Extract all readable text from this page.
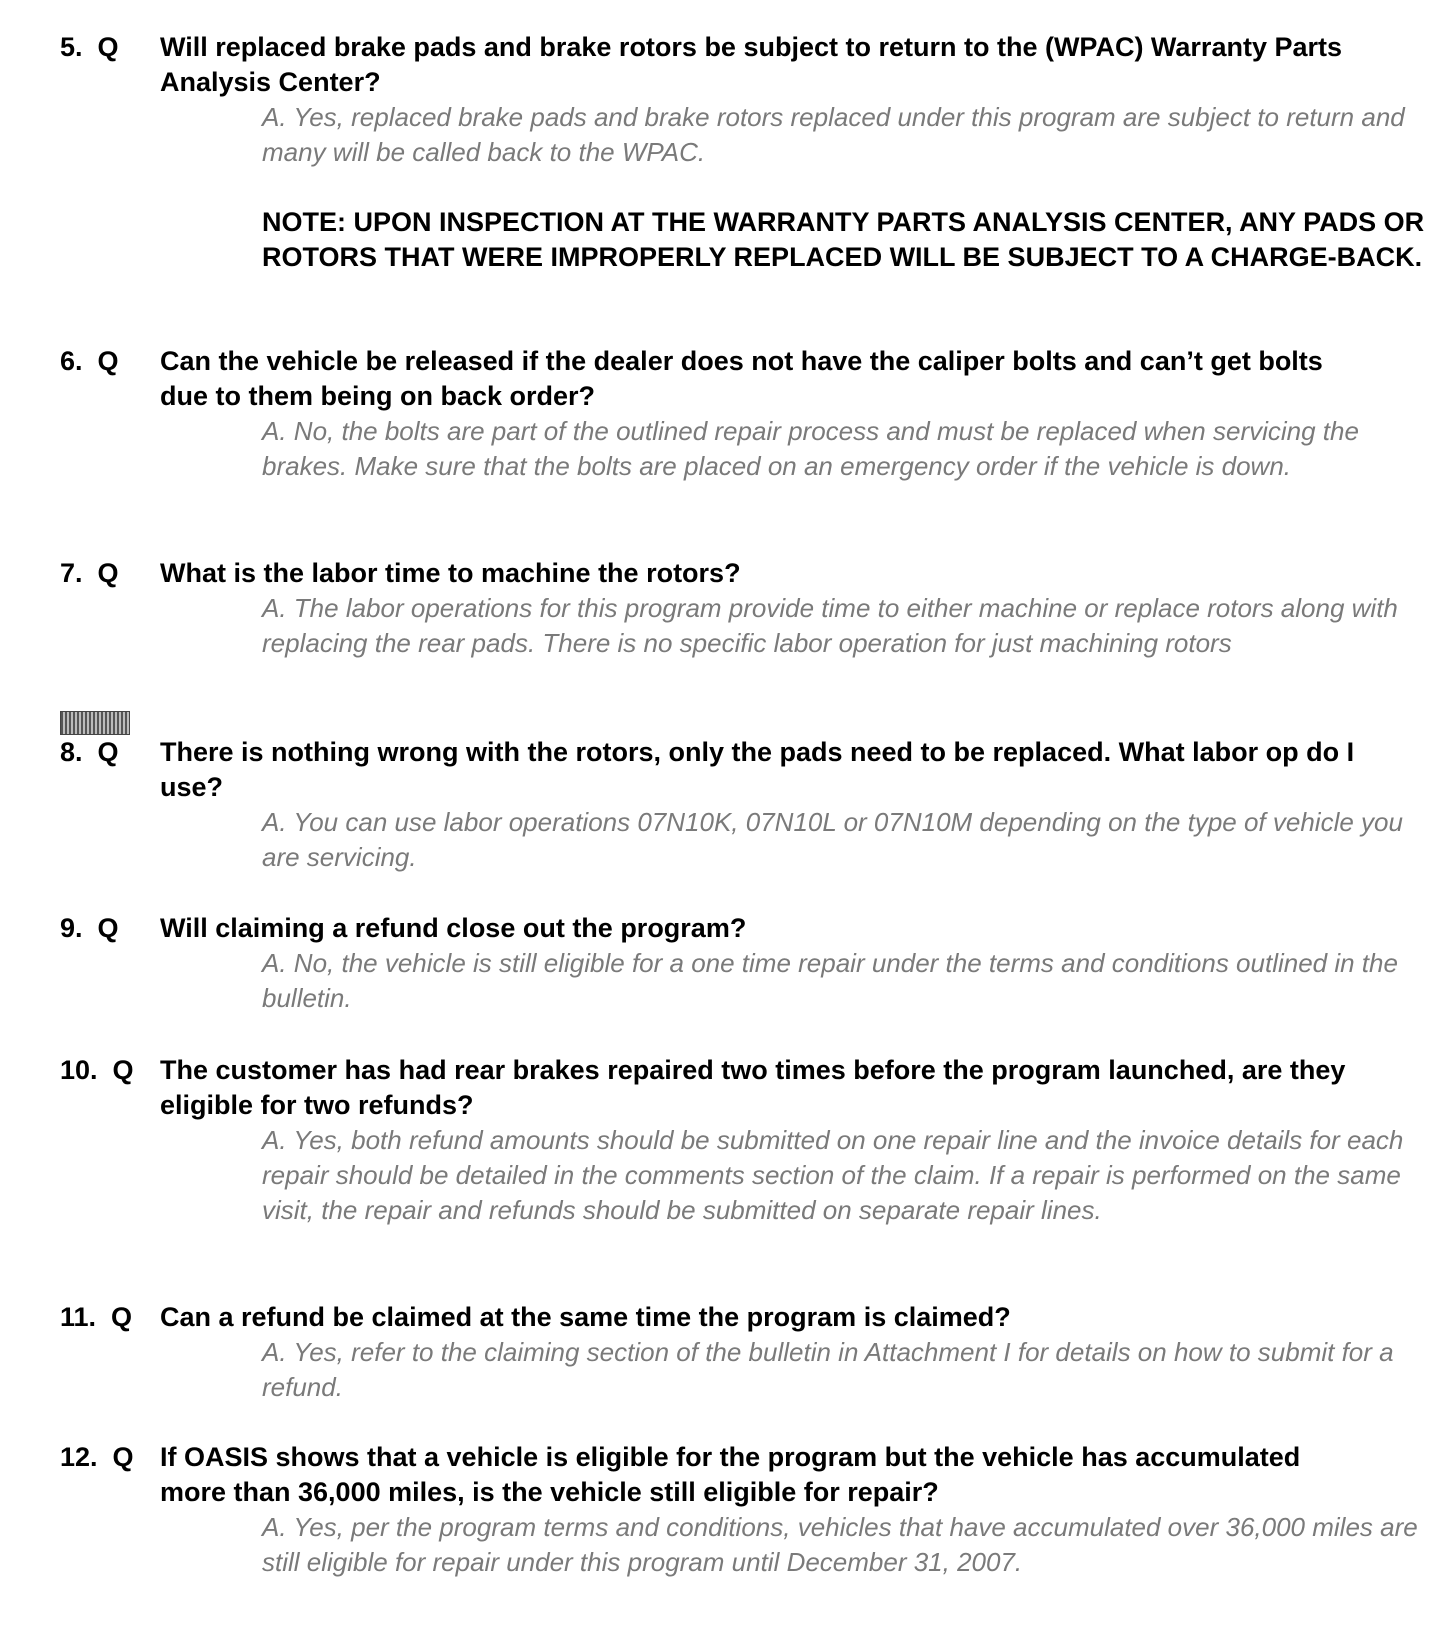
5.  Q	Will replaced brake pads and brake rotors be subject to return to the (WPAC) Warranty Parts Analysis Center?
A. Yes, replaced brake pads and brake rotors replaced under this program are subject to return and many will be called back to the WPAC.
NOTE: UPON INSPECTION AT THE WARRANTY PARTS ANALYSIS CENTER, ANY PADS OR ROTORS THAT WERE IMPROPERLY REPLACED WILL BE SUBJECT TO A CHARGE-BACK.
6.  Q	Can the vehicle be released if the dealer does not have the caliper bolts and can’t get bolts due to them being on back order?
A. No, the bolts are part of the outlined repair process and must be replaced when servicing the brakes. Make sure that the bolts are placed on an emergency order if the vehicle is down.
7.  Q	What is the labor time to machine the rotors?
A. The labor operations for this program provide time to either machine or replace rotors along with replacing the rear pads. There is no specific labor operation for just machining rotors
8.  Q	There is nothing wrong with the rotors, only the pads need to be replaced. What labor op do I use?
A. You can use labor operations 07N10K, 07N10L or 07N10M depending on the type of vehicle you are servicing.
9.  Q	Will claiming a refund close out the program?
A. No, the vehicle is still eligible for a one time repair under the terms and conditions outlined in the bulletin.
10.  Q The customer has had rear brakes repaired two times before the program launched, are they eligible for two refunds?
A. Yes, both refund amounts should be submitted on one repair line and the invoice details for each repair should be detailed in the comments section of the claim. If a repair is performed on the same visit, the repair and refunds should be submitted on separate repair lines.
11.  Q	Can a refund be claimed at the same time the program is claimed?
A. Yes, refer to the claiming section of the bulletin in Attachment I for details on how to submit for a refund.
12.  Q If OASIS shows that a vehicle is eligible for the program but the vehicle has accumulated more than 36,000 miles, is the vehicle still eligible for repair?
A. Yes, per the program terms and conditions, vehicles that have accumulated over 36,000 miles are still eligible for repair under this program until December 31, 2007.
